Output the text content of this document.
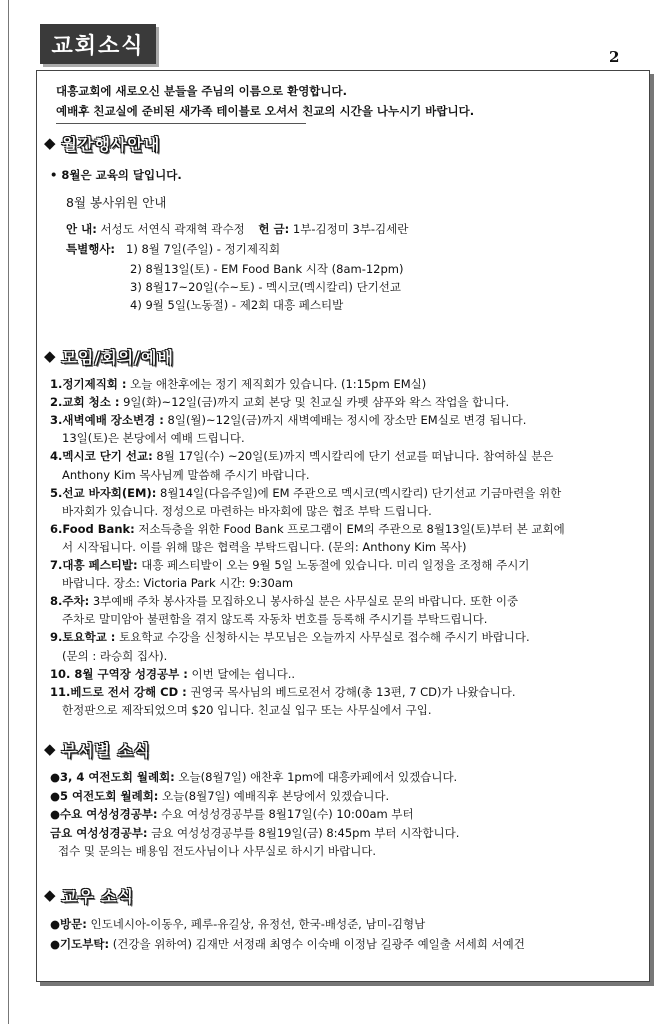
교회소식	2
대흥교회에 새로오신 분들을 주님의 이름으로 환영합니다.
예배후 친교실에 준비된 새가족 테이블로 오셔서 친교의 시간을 나누시기 바랍니다.
◆ 월간행사안내
• 8월은 교육의 달입니다.
8월 봉사위원 안내
안 내: 서성도 서연식 곽재혁 곽수정 헌 금: 1부-김정미 3부-김세란
특별행사: 1) 8월 7일(주일) - 정기제직회
2) 8월13일(토) - EM Food Bank 시작 (8am-12pm)
3) 8월17~20일(수~토) - 멕시코(멕시칼리) 단기선교
4) 9월 5일(노동절) - 제2회 대흥 페스티발
◆ 모임/회의/예배
1.정기제직회 : 오늘 애찬후에는 정기 제직회가 있습니다. (1:15pm EM실)
2.교회 청소 : 9일(화)~12일(금)까지 교회 본당 및 친교실 카펫 샴푸와 왁스 작업을 합니다.
3.새벽예배 장소변경 : 8일(월)~12일(금)까지 새벽예배는 정시에 장소만 EM실로 변경 됩니다.
13일(토)은 본당에서 예배 드립니다.
4.멕시코 단기 선교: 8월 17일(수) ~20일(토)까지 멕시칼리에 단기 선교를 떠납니다. 참여하실 분은
Anthony Kim 목사님께 말씀해 주시기 바랍니다.
5.선교 바자회(EM): 8월14일(다음주일)에 EM 주관으로 멕시코(멕시칼리) 단기선교 기금마련을 위한
바자회가 있습니다. 정성으로 마련하는 바자회에 많은 협조 부탁 드립니다.
6.Food Bank: 저소득층을 위한 Food Bank 프로그램이 EM의 주관으로 8월13일(토)부터 본 교회에
서 시작됩니다. 이를 위해 많은 협력을 부탁드립니다. (문의: Anthony Kim 목사)
7.대흥 페스티발: 대흥 페스티발이 오는 9월 5일 노동절에 있습니다. 미리 일정을 조정해 주시기
바랍니다. 장소: Victoria Park 시간: 9:30am
8.주차: 3부예배 주차 봉사자를 모집하오니 봉사하실 분은 사무실로 문의 바랍니다. 또한 이중
주차로 말미암아 불편함을 겪지 않도록 자동차 번호를 등록해 주시기를 부탁드립니다.
9.토요학교 : 토요학교 수강을 신청하시는 부모님은 오늘까지 사무실로 접수해 주시기 바랍니다.
(문의 : 라승희 집사).
10. 8월 구역장 성경공부 : 이번 달에는 쉽니다..
11.베드로 전서 강해 CD : 권영국 목사님의 베드로전서 강해(총 13편, 7 CD)가 나왔습니다.
한정판으로 제작되었으며 $20 입니다. 친교실 입구 또는 사무실에서 구입.
◆ 부서별 소식
●3, 4 여전도회 월례회: 오늘(8월7일) 애찬후 1pm에 대흥카페에서 있겠습니다.
●5 여전도회 월례회: 오늘(8월7일) 예배직후 본당에서 있겠습니다.
●수요 여성성경공부: 수요 여성성경공부를 8월17일(수) 10:00am 부터
금요 여성성경공부: 금요 여성성경공부를 8월19일(금) 8:45pm 부터 시작합니다.
접수 및 문의는 배용임 전도사님이나 사무실로 하시기 바랍니다.
◆ 교우 소식
●방문: 인도네시아-이동우, 페루-유길상, 유정선, 한국-배성준, 남미-김형남
●기도부탁: (건강을 위하여) 김재만 서정래 최영수 이숙배 이정남 길광주 예일출 서세희 서예건
